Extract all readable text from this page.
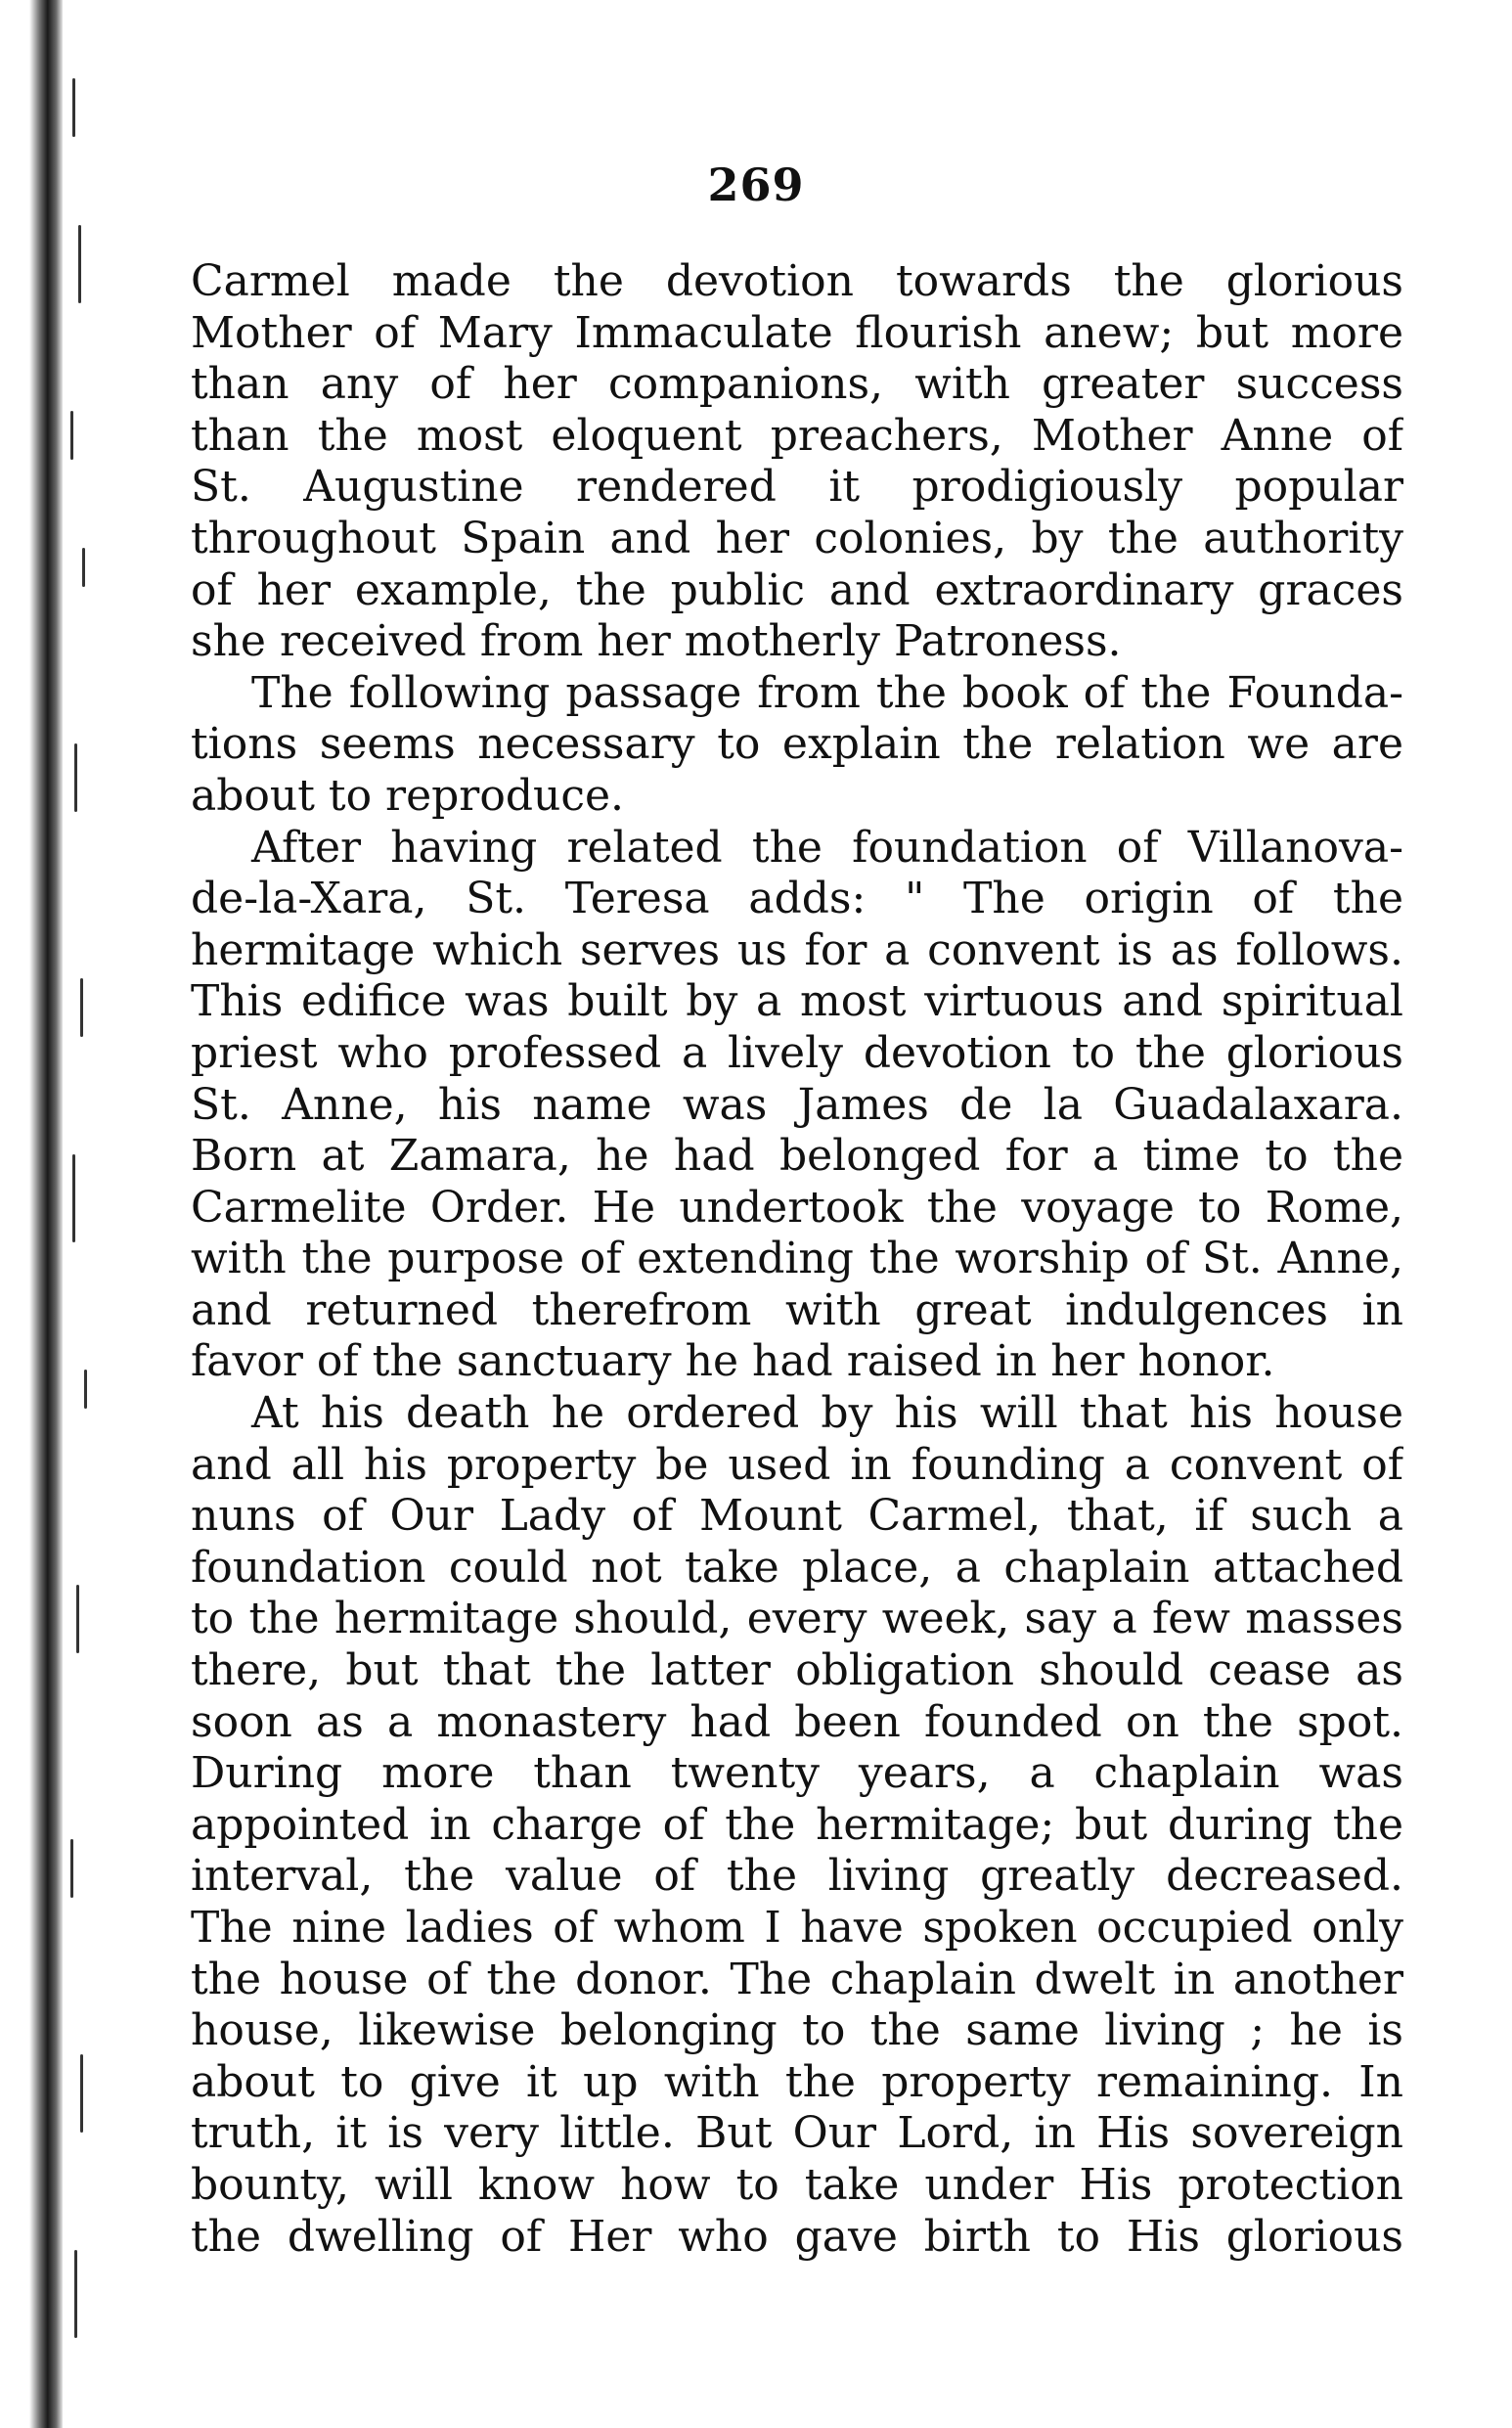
269
Carmel made the devotion towards the glorious
Mother of Mary Immaculate flourish anew; but more
than any of her companions, with greater success
than the most eloquent preachers, Mother Anne of
St. Augustine rendered it prodigiously popular
throughout Spain and her colonies, by the authority
of her example, the public and extraordinary graces
she received from her motherly Patroness.
The following passage from the book of the Founda-
tions seems necessary to explain the relation we are
about to reproduce.
After having related the foundation of Villanova-
de-la-Xara, St. Teresa adds: " The origin of the
hermitage which serves us for a convent is as follows.
This edifice was built by a most virtuous and spiritual
priest who professed a lively devotion to the glorious
St. Anne, his name was James de la Guadalaxara.
Born at Zamara, he had belonged for a time to the
Carmelite Order. He undertook the voyage to Rome,
with the purpose of extending the worship of St. Anne,
and returned therefrom with great indulgences in
favor of the sanctuary he had raised in her honor.
At his death he ordered by his will that his house
and all his property be used in founding a convent of
nuns of Our Lady of Mount Carmel, that, if such a
foundation could not take place, a chaplain attached
to the hermitage should, every week, say a few masses
there, but that the latter obligation should cease as
soon as a monastery had been founded on the spot.
During more than twenty years, a chaplain was
appointed in charge of the hermitage; but during the
interval, the value of the living greatly decreased.
The nine ladies of whom I have spoken occupied only
the house of the donor. The chaplain dwelt in another
house, likewise belonging to the same living ; he is
about to give it up with the property remaining. In
truth, it is very little. But Our Lord, in His sovereign
bounty, will know how to take under His protection
the dwelling of Her who gave birth to His glorious
